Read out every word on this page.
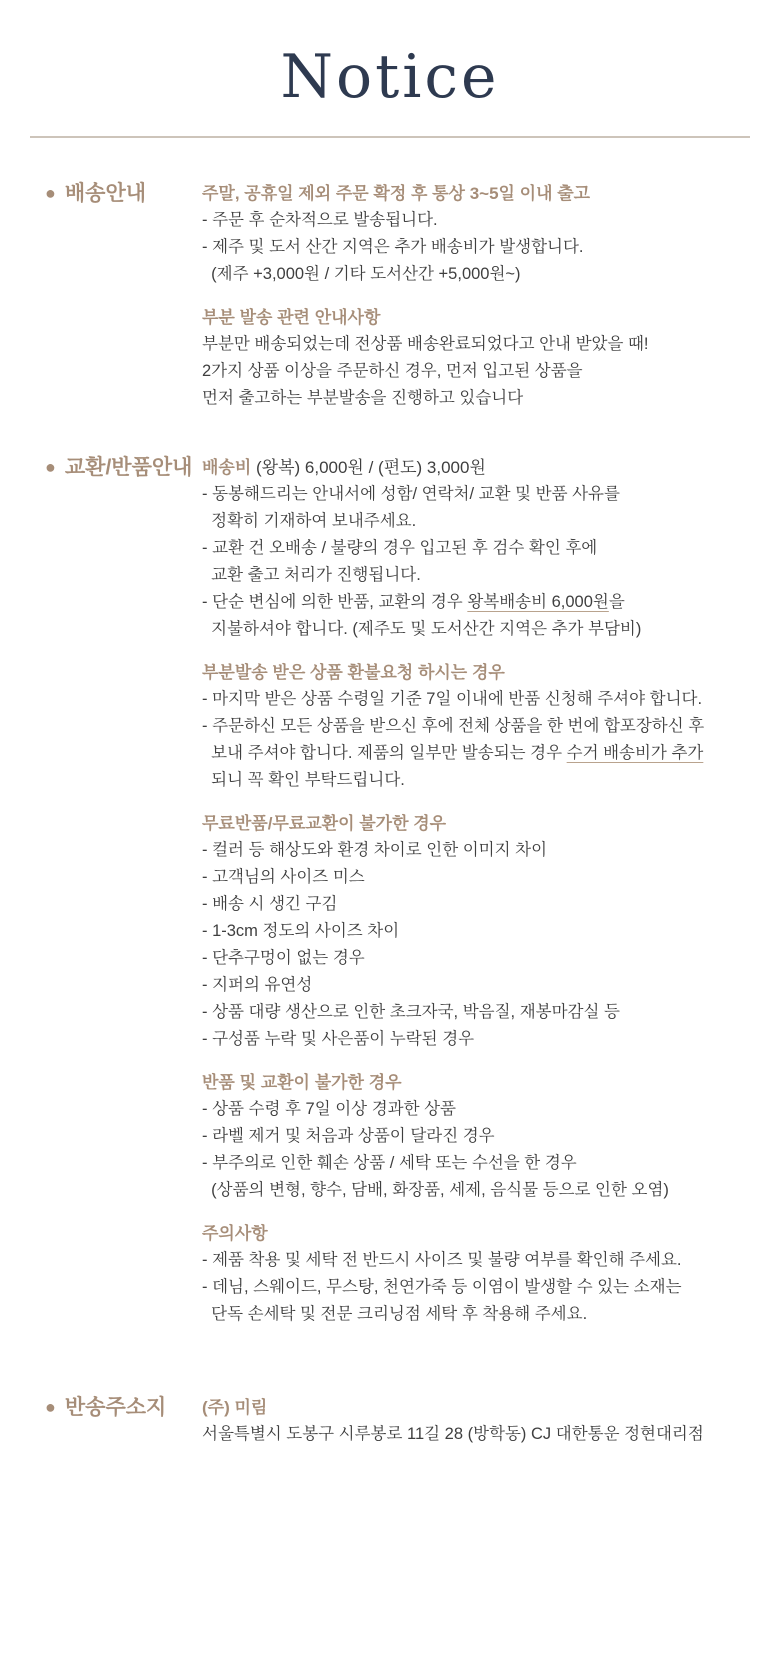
Notice
● 배송안내	주말, 공휴일 제외 주문 확정 후 통상 3~5일 이내 출고
- 주문 후 순차적으로 발송됩니다.
- 제주 및 도서 산간 지역은 추가 배송비가 발생합니다.
(제주 +3,000원 / 기타 도서산간 +5,000원~)
부분 발송 관련 안내사항
부분만 배송되었는데 전상품 배송완료되었다고 안내 받았을 때!
2가지 상품 이상을 주문하신 경우, 먼저 입고된 상품을
먼저 출고하는 부분발송을 진행하고 있습니다
● 교환/반품안내 배송비 (왕복) 6,000원 / (편도) 3,000원
- 동봉해드리는 안내서에 성함/ 연락처/ 교환 및 반품 사유를
정확히 기재하여 보내주세요.
- 교환 건 오배송 / 불량의 경우 입고된 후 검수 확인 후에
교환 출고 처리가 진행됩니다.
- 단순 변심에 의한 반품, 교환의 경우 왕복배송비 6,000원을
지불하셔야 합니다. (제주도 및 도서산간 지역은 추가 부담비)
부분발송 받은 상품 환불요청 하시는 경우
- 마지막 받은 상품 수령일 기준 7일 이내에 반품 신청해 주셔야 합니다.
- 주문하신 모든 상품을 받으신 후에 전체 상품을 한 번에 합포장하신 후
보내 주셔야 합니다. 제품의 일부만 발송되는 경우 수거 배송비가 추가
되니 꼭 확인 부탁드립니다.
무료반품/무료교환이 불가한 경우
- 컬러 등 해상도와 환경 차이로 인한 이미지 차이
- 고객님의 사이즈 미스
- 배송 시 생긴 구김
- 1-3cm 정도의 사이즈 차이
- 단추구멍이 없는 경우
- 지퍼의 유연성
- 상품 대량 생산으로 인한 초크자국, 박음질, 재봉마감실 등
- 구성품 누락 및 사은품이 누락된 경우
반품 및 교환이 불가한 경우
- 상품 수령 후 7일 이상 경과한 상품
- 라벨 제거 및 처음과 상품이 달라진 경우
- 부주의로 인한 훼손 상품 / 세탁 또는 수선을 한 경우
(상품의 변형, 향수, 담배, 화장품, 세제, 음식물 등으로 인한 오염)
주의사항
- 제품 착용 및 세탁 전 반드시 사이즈 및 불량 여부를 확인해 주세요.
- 데님, 스웨이드, 무스탕, 천연가죽 등 이염이 발생할 수 있는 소재는
단독 손세탁 및 전문 크리닝점 세탁 후 착용해 주세요.
● 반송주소지	(주) 미림
서울특별시 도봉구 시루봉로 11길 28 (방학동) CJ 대한통운 정현대리점
